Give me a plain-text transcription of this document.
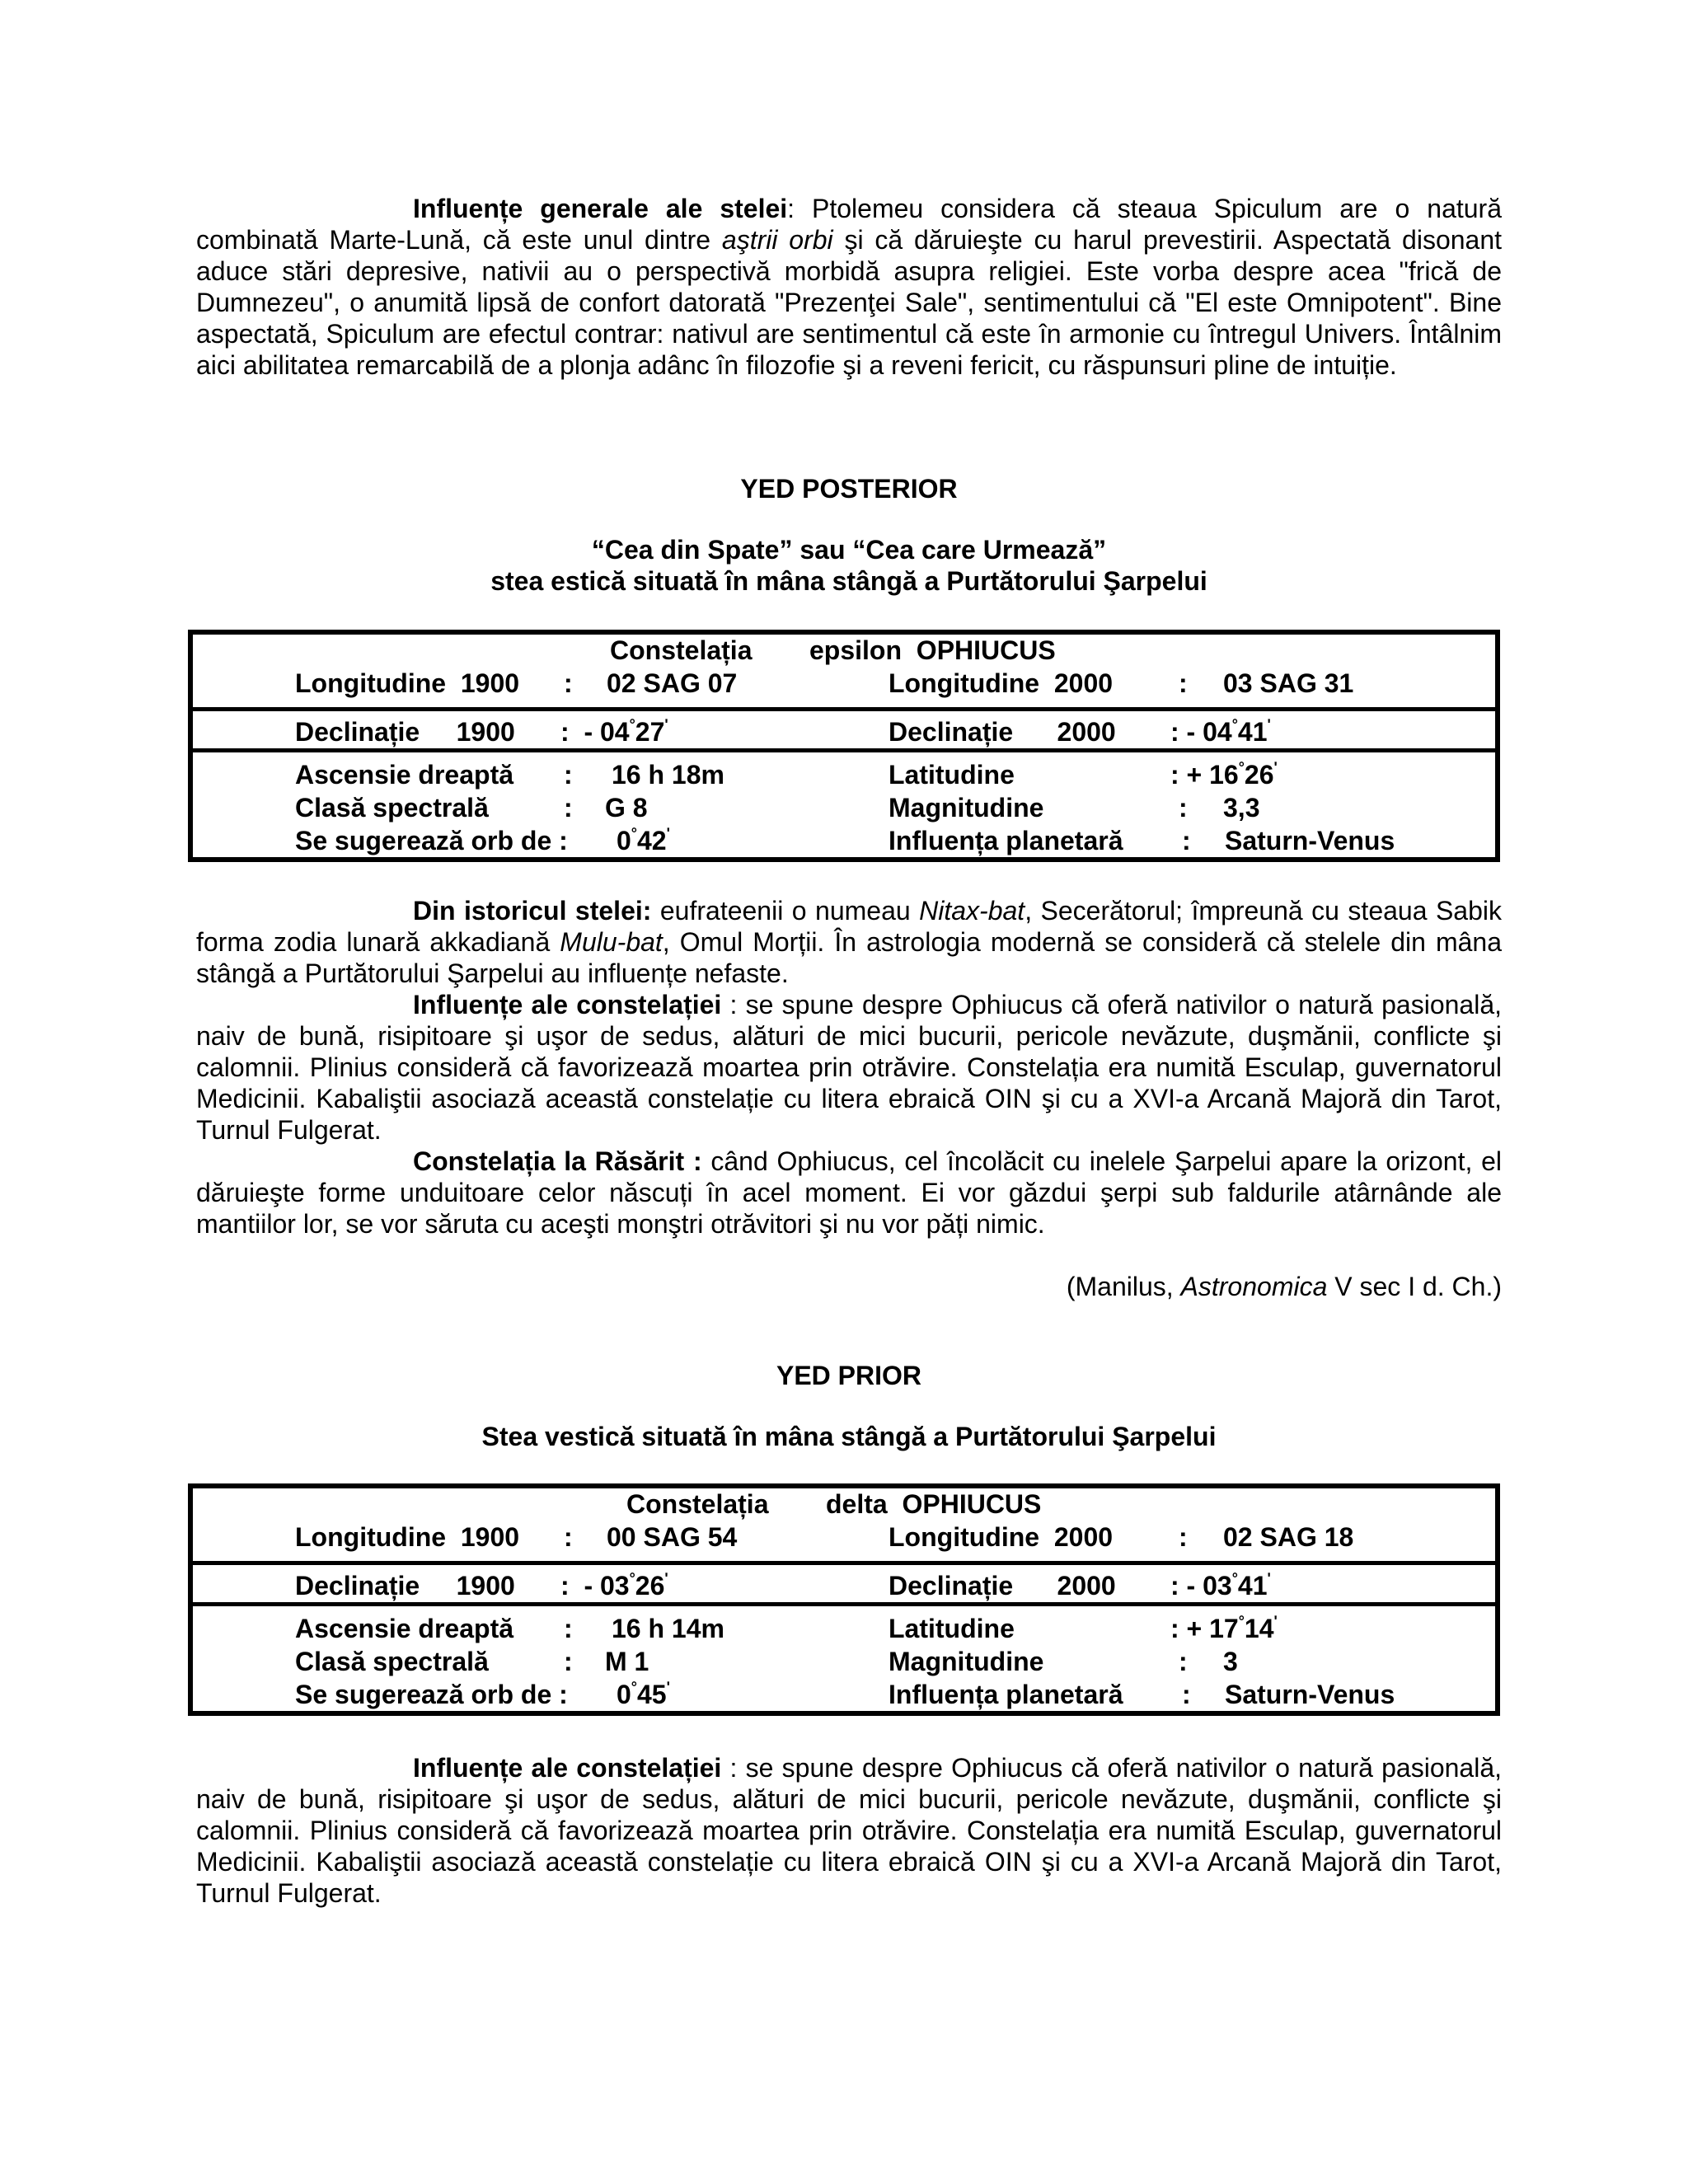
Influențe generale ale stelei: Ptolemeu considera că steaua Spiculum are o natură combinată Marte-Lună, că este unul dintre aştrii orbi şi că dăruieşte cu harul prevestirii. Aspectată disonant aduce stări depresive, nativii au o perspectivă morbidă asupra religiei. Este vorba despre acea "frică de Dumnezeu", o anumită lipsă de confort datorată "Prezenţei Sale", sentimentului că "El este Omnipotent". Bine aspectată, Spiculum are efectul contrar: nativul are sentimentul că este în armonie cu întregul Univers. Întâlnim aici abilitatea remarcabilă de a plonja adânc în filozofie şi a reveni fericit, cu răspunsuri pline de intuiție.

YED POSTERIOR
“Cea din Spate” sau “Cea care Urmează”
stea estică situată în mâna stângă a Purtătorului Şarpelui
Constelația epsilon  OPHIUCUS
Longitudine  1900 : 02 SAG 07	Longitudine  2000 : 03 SAG 31
Declinație     1900 : - $04^\circ 27^ʹ$	Declinație      2000 : - $04^\circ 41^ʹ$
Ascensie dreaptă : 16 h 18m	Latitudine	: + $16^\circ 26^ʹ$
Clasă spectrală	: G 8	Magnitudine	: 3,3
Se sugerează orb de : $0^\circ 42^ʹ$	Influența planetară : Saturn-Venus

Din istoricul stelei: eufrateenii o numeau Nitax-bat, Secerătorul; împreună cu steaua Sabik forma zodia lunară akkadiană Mulu-bat, Omul Morții. În astrologia modernă se consideră că stelele din mâna stângă a Purtătorului Şarpelui au influențe nefaste.

Influențe ale constelației : se spune despre Ophiucus că oferă nativilor o natură pasională, naiv de bună, risipitoare şi uşor de sedus, alături de mici bucurii, pericole nevăzute, duşmănii, conflicte şi calomnii. Plinius consideră că favorizează moartea prin otrăvire. Constelația era numită Esculap, guvernatorul Medicinii. Kabaliştii asociază această constelație cu litera ebraică OIN şi cu a XVI-a Arcană Majoră din Tarot, Turnul Fulgerat.

Constelația la Răsărit : când Ophiucus, cel încolăcit cu inelele Şarpelui apare la orizont, el dăruieşte forme unduitoare celor născuți în acel moment. Ei vor găzdui şerpi sub faldurile atârnânde ale mantiilor lor, se vor săruta cu aceşti monştri otrăvitori şi nu vor păți nimic.

(Manilus, Astronomica V sec I d. Ch.)
YED PRIOR
Stea vestică situată în mâna stângă a Purtătorului Şarpelui
Constelația delta  OPHIUCUS
Longitudine  1900 : 00 SAG 54	Longitudine  2000 : 02 SAG 18
Declinație     1900 : - $03^\circ 26^ʹ$	Declinație      2000 : - $03^\circ 41^ʹ$
Ascensie dreaptă : 16 h 14m	Latitudine	: + $17^\circ 14^ʹ$
Clasă spectrală	: M 1	Magnitudine	: 3
Se sugerează orb de : $0^\circ 45^ʹ$	Influența planetară : Saturn-Venus

Influențe ale constelației : se spune despre Ophiucus că oferă nativilor o natură pasională, naiv de bună, risipitoare şi uşor de sedus, alături de mici bucurii, pericole nevăzute, duşmănii, conflicte şi calomnii. Plinius consideră că favorizează moartea prin otrăvire. Constelația era numită Esculap, guvernatorul Medicinii. Kabaliştii asociază această constelație cu litera ebraică OIN şi cu a XVI-a Arcană Majoră din Tarot, Turnul Fulgerat.
